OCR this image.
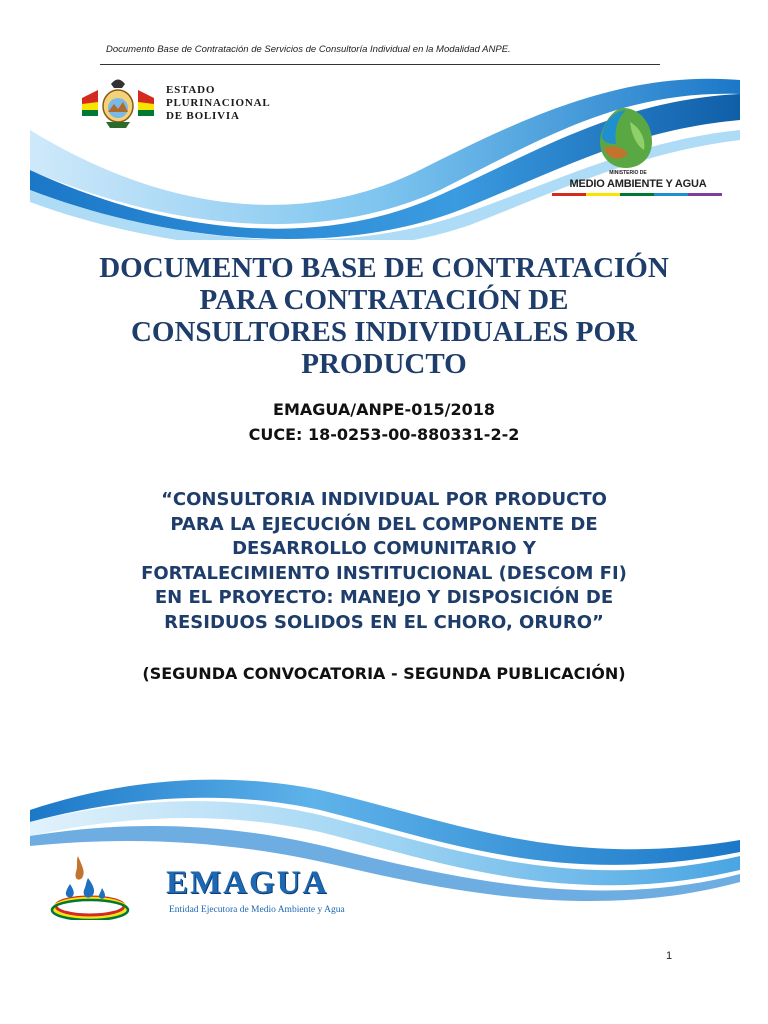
Documento Base de Contratación de Servicios de Consultoría Individual en la Modalidad ANPE.
ESTADO
PLURINACIONAL
DE BOLIVIA
MINISTERIO DE
MEDIO AMBIENTE Y AGUA
DOCUMENTO BASE DE CONTRATACIÓN
PARA CONTRATACIÓN DE
CONSULTORES INDIVIDUALES POR
PRODUCTO
EMAGUA/ANPE-015/2018
CUCE: 18-0253-00-880331-2-2
“CONSULTORIA INDIVIDUAL POR PRODUCTO
PARA LA EJECUCIÓN DEL COMPONENTE DE
DESARROLLO COMUNITARIO Y
FORTALECIMIENTO INSTITUCIONAL (DESCOM FI)
EN EL PROYECTO: MANEJO Y DISPOSICIÓN DE
RESIDUOS SOLIDOS EN EL CHORO, ORURO”
(SEGUNDA CONVOCATORIA - SEGUNDA PUBLICACIÓN)
EMAGUA
Entidad Ejecutora de Medio Ambiente y Agua
1
